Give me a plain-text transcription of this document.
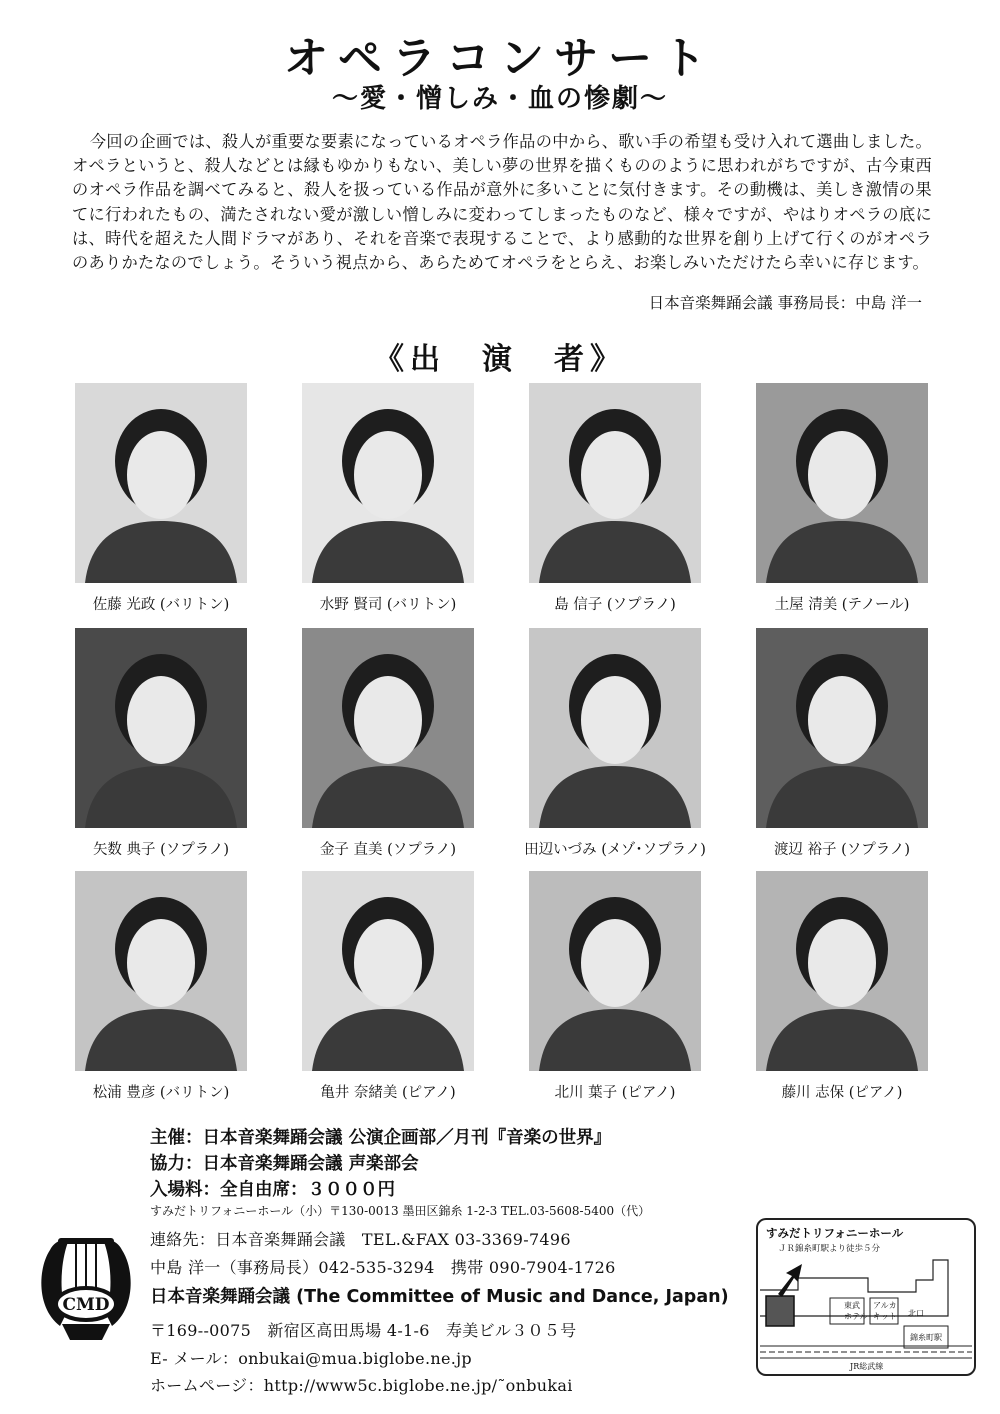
オペラコンサート
〜愛・憎しみ・血の惨劇〜
今回の企画では、殺人が重要な要素になっているオペラ作品の中から、歌い手の希望も受け入れて選曲しました。オペラというと、殺人などとは縁もゆかりもない、美しい夢の世界を描くもののように思われがちですが、古今東西のオペラ作品を調べてみると、殺人を扱っている作品が意外に多いことに気付きます。その動機は、美しき激情の果てに行われたもの、満たされない愛が激しい憎しみに変わってしまったものなど、様々ですが、やはりオペラの底には、時代を超えた人間ドラマがあり、それを音楽で表現することで、より感動的な世界を創り上げて行くのがオペラのありかたなのでしょう。そういう視点から、あらためてオペラをとらえ、お楽しみいただけたら幸いに存じます。
日本音楽舞踊会議 事務局長：中島 洋一
《出　演　者》
佐藤 光政 (バリトン)	水野 賢司 (バリトン)	島 信子 (ソプラノ)	土屋 清美 (テノール)
矢数 典子 (ソプラノ)	金子 直美 (ソプラノ)	田辺いづみ (メゾ･ソプラノ)	渡辺 裕子 (ソプラノ)
松浦 豊彦 (バリトン)	亀井 奈緒美 (ピアノ)	北川 葉子 (ピアノ)	藤川 志保 (ピアノ)
主催：日本音楽舞踊会議 公演企画部／月刊『音楽の世界』
協力：日本音楽舞踊会議 声楽部会
入場料：全自由席：３０００円
すみだトリフォニーホール（小）〒130-0013 墨田区錦糸 1-2-3 TEL.03-5608-5400（代）
CMD
連絡先：日本音楽舞踊会議　TEL.&FAX 03-3369-7496
中島 洋一（事務局長）042-535-3294　携帯 090-7904-1726
日本音楽舞踊会議 (The Committee of Music and Dance, Japan)
〒169--0075　新宿区高田馬場 4-1-6　寿美ビル３０５号
E- メール：onbukai@mua.biglobe.ne.jp
ホームページ：http://www5c.biglobe.ne.jp/˜onbukai
すみだトリフォニーホール
ＪＲ錦糸町駅より徒歩５分
東武
ホテル
アルカ
キット 北口
錦糸町駅
JR総武線
